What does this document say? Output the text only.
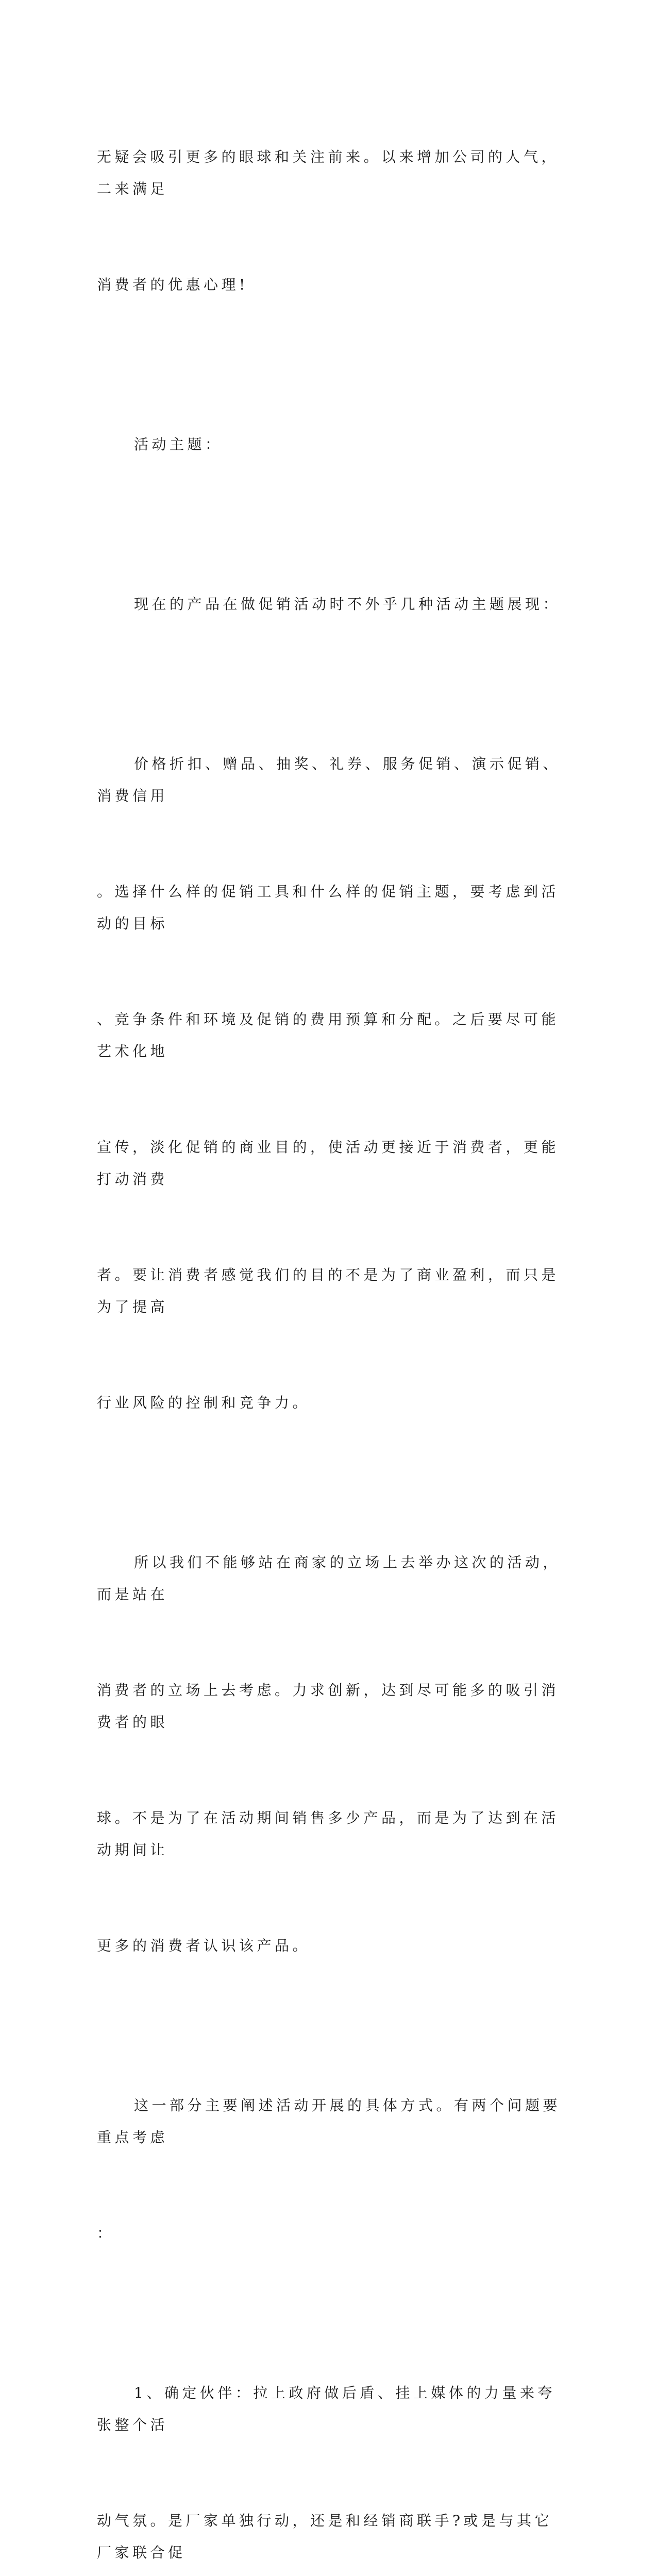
无疑会吸引更多的眼球和关注前来。以来增加公司的人气，二来满足

消费者的优惠心理!

活动主题：

现在的产品在做促销活动时不外乎几种活动主题展现：

价格折扣、赠品、抽奖、礼券、服务促销、演示促销、消费信用

。选择什么样的促销工具和什么样的促销主题，要考虑到活动的目标

、竞争条件和环境及促销的费用预算和分配。之后要尽可能艺术化地

宣传，淡化促销的商业目的，使活动更接近于消费者，更能打动消费

者。要让消费者感觉我们的目的不是为了商业盈利，而只是为了提高

行业风险的控制和竞争力。

所以我们不能够站在商家的立场上去举办这次的活动，而是站在

消费者的立场上去考虑。力求创新，达到尽可能多的吸引消费者的眼

球。不是为了在活动期间销售多少产品，而是为了达到在活动期间让

更多的消费者认识该产品。

这一部分主要阐述活动开展的具体方式。有两个问题要重点考虑

：

1、确定伙伴：拉上政府做后盾、挂上媒体的力量来夸张整个活

动气氛。是厂家单独行动，还是和经销商联手?或是与其它厂家联合促
